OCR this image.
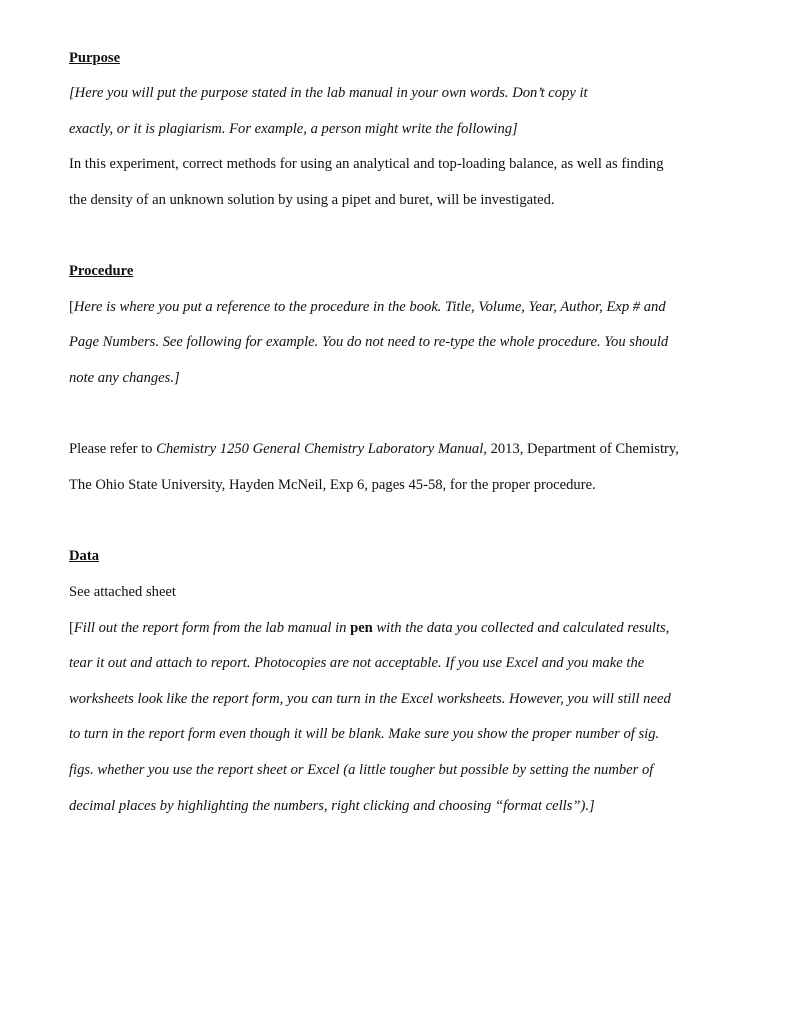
Purpose
[Here you will put the purpose stated in the lab manual in your own words. Don’t copy it
exactly, or it is plagiarism. For example, a person might write the following]
In this experiment, correct methods for using an analytical and top-loading balance, as well as finding
the density of an unknown solution by using a pipet and buret, will be investigated.
Procedure
[Here is where you put a reference to the procedure in the book. Title, Volume, Year, Author, Exp # and
Page Numbers. See following for example. You do not need to re-type the whole procedure. You should
note any changes.]
Please refer to Chemistry 1250 General Chemistry Laboratory Manual, 2013, Department of Chemistry,
The Ohio State University, Hayden McNeil, Exp 6, pages 45-58, for the proper procedure.
Data
See attached sheet
[Fill out the report form from the lab manual in pen with the data you collected and calculated results,
tear it out and attach to report. Photocopies are not acceptable. If you use Excel and you make the
worksheets look like the report form, you can turn in the Excel worksheets. However, you will still need
to turn in the report form even though it will be blank. Make sure you show the proper number of sig.
figs. whether you use the report sheet or Excel (a little tougher but possible by setting the number of
decimal places by highlighting the numbers, right clicking and choosing “format cells”).]
